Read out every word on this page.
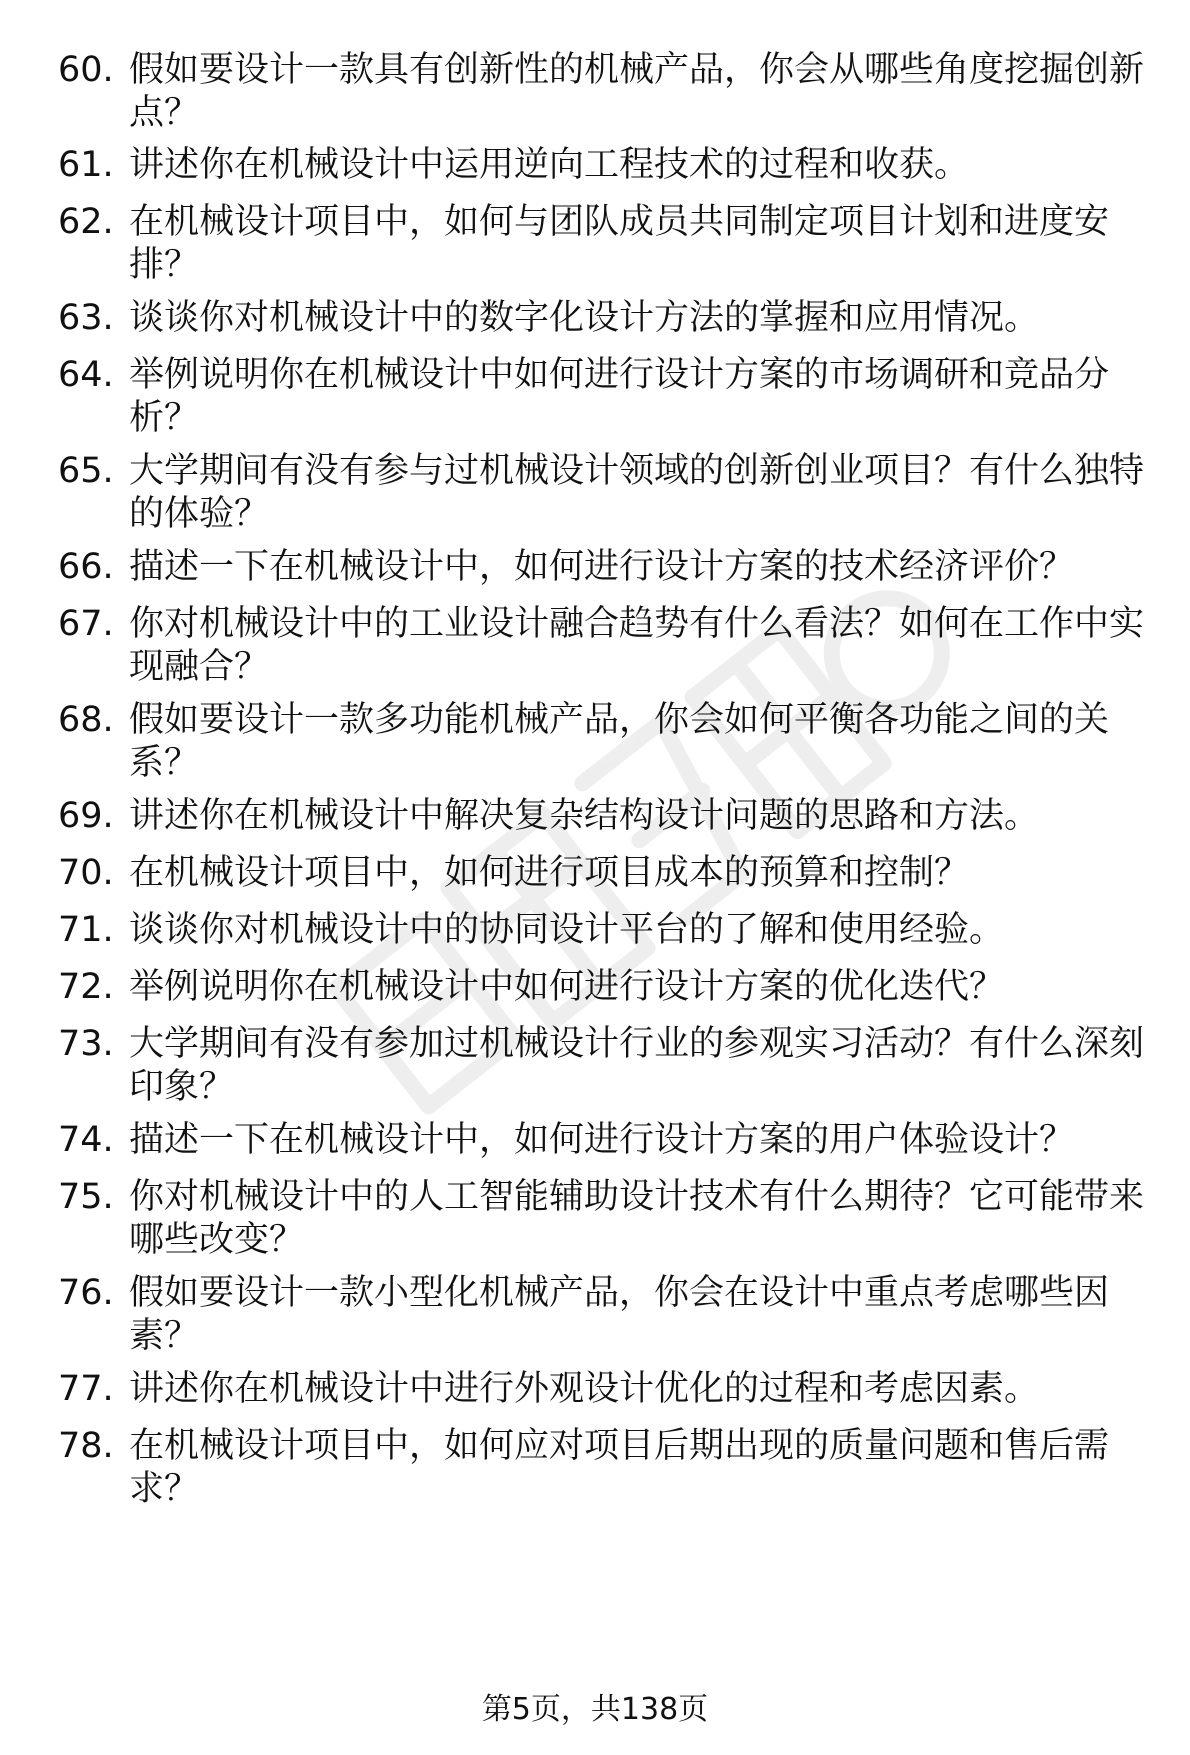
60. 假如要设计一款具有创新性的机械产品，你会从哪些角度挖掘创新点？
61. 讲述你在机械设计中运用逆向工程技术的过程和收获。
62. 在机械设计项目中，如何与团队成员共同制定项目计划和进度安排？
63. 谈谈你对机械设计中的数字化设计方法的掌握和应用情况。
64. 举例说明你在机械设计中如何进行设计方案的市场调研和竞品分析？
65. 大学期间有没有参与过机械设计领域的创新创业项目？有什么独特的体验？
66. 描述一下在机械设计中，如何进行设计方案的技术经济评价？
67. 你对机械设计中的工业设计融合趋势有什么看法？如何在工作中实现融合？
68. 假如要设计一款多功能机械产品，你会如何平衡各功能之间的关系？
69. 讲述你在机械设计中解决复杂结构设计问题的思路和方法。
70. 在机械设计项目中，如何进行项目成本的预算和控制？
71. 谈谈你对机械设计中的协同设计平台的了解和使用经验。
72. 举例说明你在机械设计中如何进行设计方案的优化迭代？
73. 大学期间有没有参加过机械设计行业的参观实习活动？有什么深刻印象？
74. 描述一下在机械设计中，如何进行设计方案的用户体验设计？
75. 你对机械设计中的人工智能辅助设计技术有什么期待？它可能带来哪些改变？
76. 假如要设计一款小型化机械产品，你会在设计中重点考虑哪些因素？
77. 讲述你在机械设计中进行外观设计优化的过程和考虑因素。
78. 在机械设计项目中，如何应对项目后期出现的质量问题和售后需求？
第5页，共138页
